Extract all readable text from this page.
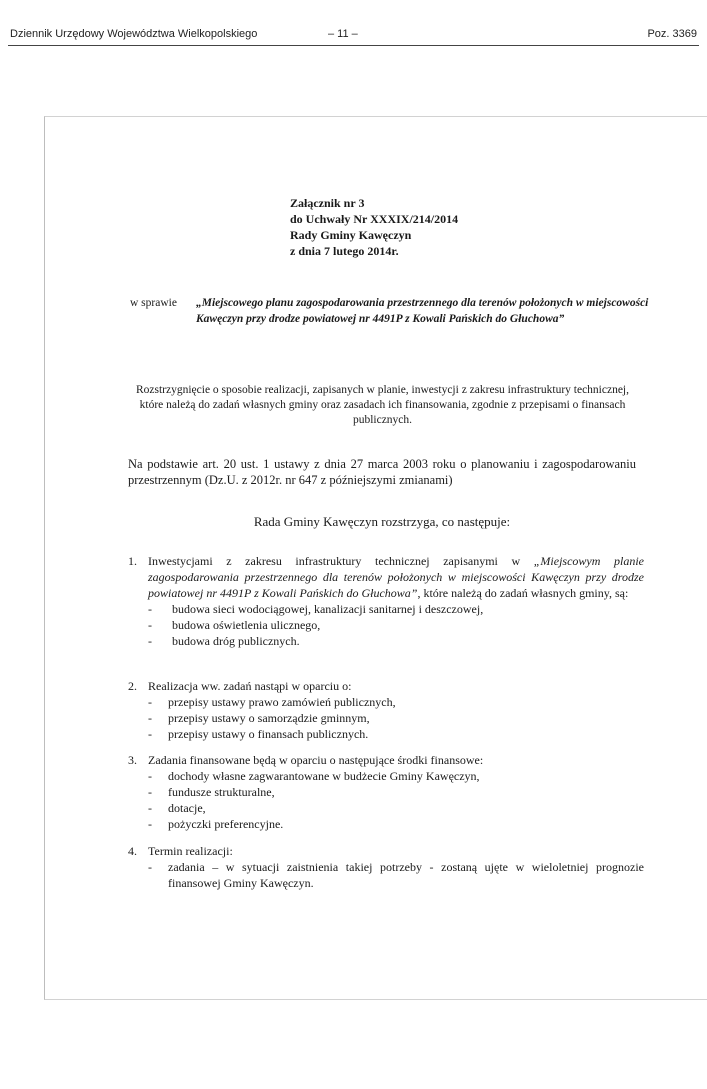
Dziennik Urzędowy Województwa Wielkopolskiego	– 11 –	Poz. 3369
Załącznik nr 3
do Uchwały Nr XXXIX/214/2014
Rady Gminy Kawęczyn
z dnia 7 lutego 2014r.
w sprawie	„Miejscowego planu zagospodarowania przestrzennego dla terenów położonych w miejscowości Kawęczyn przy drodze powiatowej nr 4491P z Kowali Pańskich do Głuchowa”
Rozstrzygnięcie o sposobie realizacji, zapisanych w planie, inwestycji z zakresu infrastruktury technicznej, które należą do zadań własnych gminy oraz zasadach ich finansowania, zgodnie z przepisami o finansach publicznych.
Na podstawie art. 20 ust. 1 ustawy z dnia 27 marca 2003 roku o planowaniu i zagospodarowaniu przestrzennym (Dz.U. z 2012r. nr 647 z późniejszymi zmianami)
Rada Gminy Kawęczyn rozstrzyga, co następuje:
1. Inwestycjami z zakresu infrastruktury technicznej zapisanymi w „Miejscowym planie zagospodarowania przestrzennego dla terenów położonych w miejscowości Kawęczyn przy drodze powiatowej nr 4491P z Kowali Pańskich do Głuchowa”, które należą do zadań własnych gminy, są:
- budowa sieci wodociągowej, kanalizacji sanitarnej i deszczowej,
- budowa oświetlenia ulicznego,
- budowa dróg publicznych.
2. Realizacja ww. zadań nastąpi w oparciu o:
- przepisy ustawy prawo zamówień publicznych,
- przepisy ustawy o samorządzie gminnym,
- przepisy ustawy o finansach publicznych.
3. Zadania finansowane będą w oparciu o następujące środki finansowe:
- dochody własne zagwarantowane w budżecie Gminy Kawęczyn,
- fundusze strukturalne,
- dotacje,
- pożyczki preferencyjne.
4. Termin realizacji:
- zadania – w sytuacji zaistnienia takiej potrzeby - zostaną ujęte w wieloletniej prognozie finansowej Gminy Kawęczyn.
